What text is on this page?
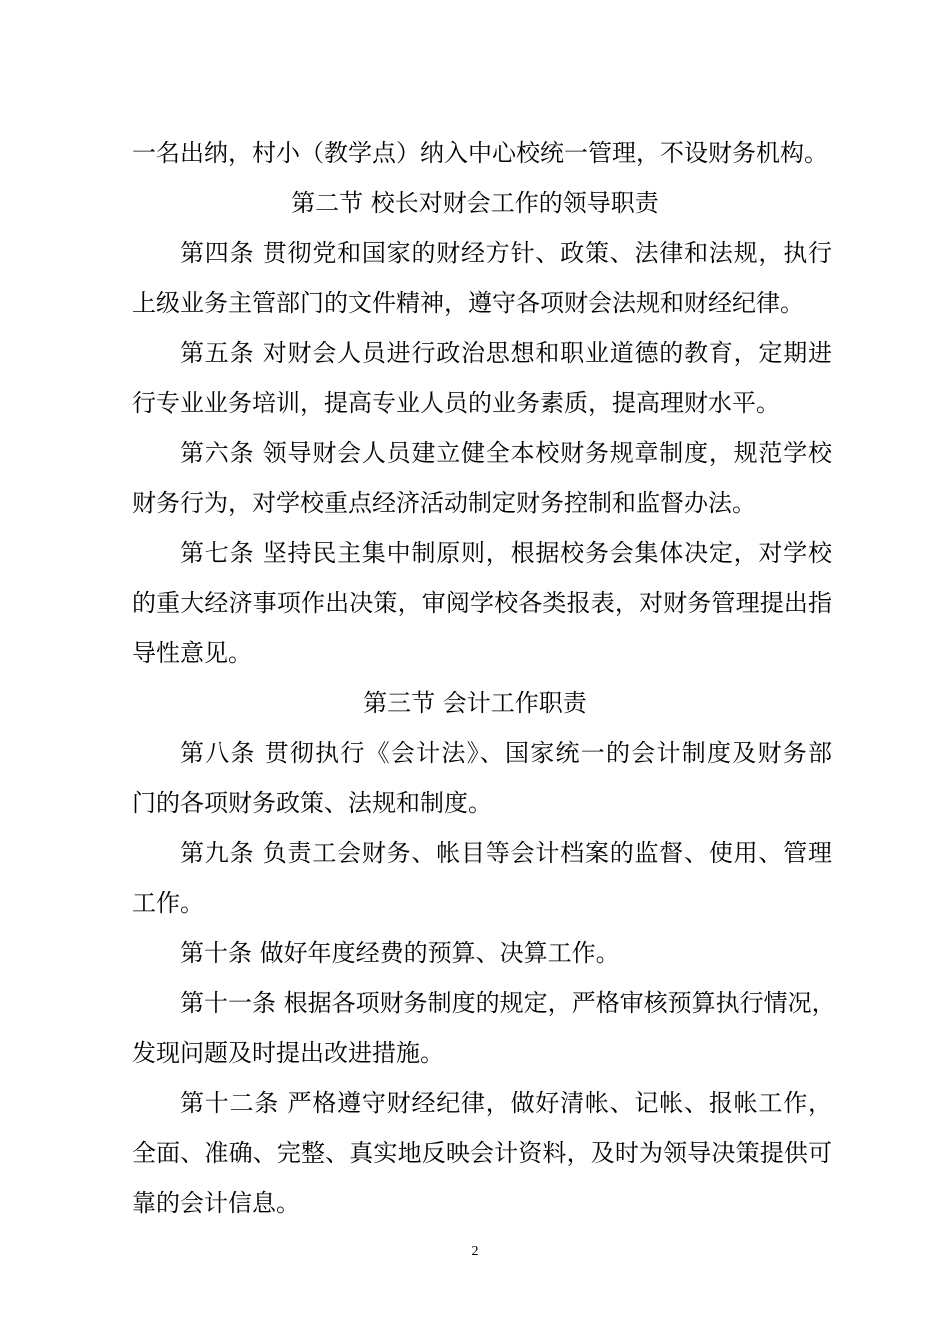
一名出纳，村小（教学点）纳入中心校统一管理，不设财务机构。
第二节 校长对财会工作的领导职责
第四条 贯彻党和国家的财经方针、政策、法律和法规，执行
上级业务主管部门的文件精神，遵守各项财会法规和财经纪律。
第五条 对财会人员进行政治思想和职业道德的教育，定期进
行专业业务培训，提高专业人员的业务素质，提高理财水平。
第六条 领导财会人员建立健全本校财务规章制度，规范学校
财务行为，对学校重点经济活动制定财务控制和监督办法。
第七条 坚持民主集中制原则，根据校务会集体决定，对学校
的重大经济事项作出决策，审阅学校各类报表，对财务管理提出指
导性意见。
第三节 会计工作职责
第八条 贯彻执行《会计法》、国家统一的会计制度及财务部
门的各项财务政策、法规和制度。
第九条 负责工会财务、帐目等会计档案的监督、使用、管理
工作。
第十条 做好年度经费的预算、决算工作。
第十一条 根据各项财务制度的规定，严格审核预算执行情况，
发现问题及时提出改进措施。
第十二条 严格遵守财经纪律，做好清帐、记帐、报帐工作，
全面、准确、完整、真实地反映会计资料，及时为领导决策提供可
靠的会计信息。
2
